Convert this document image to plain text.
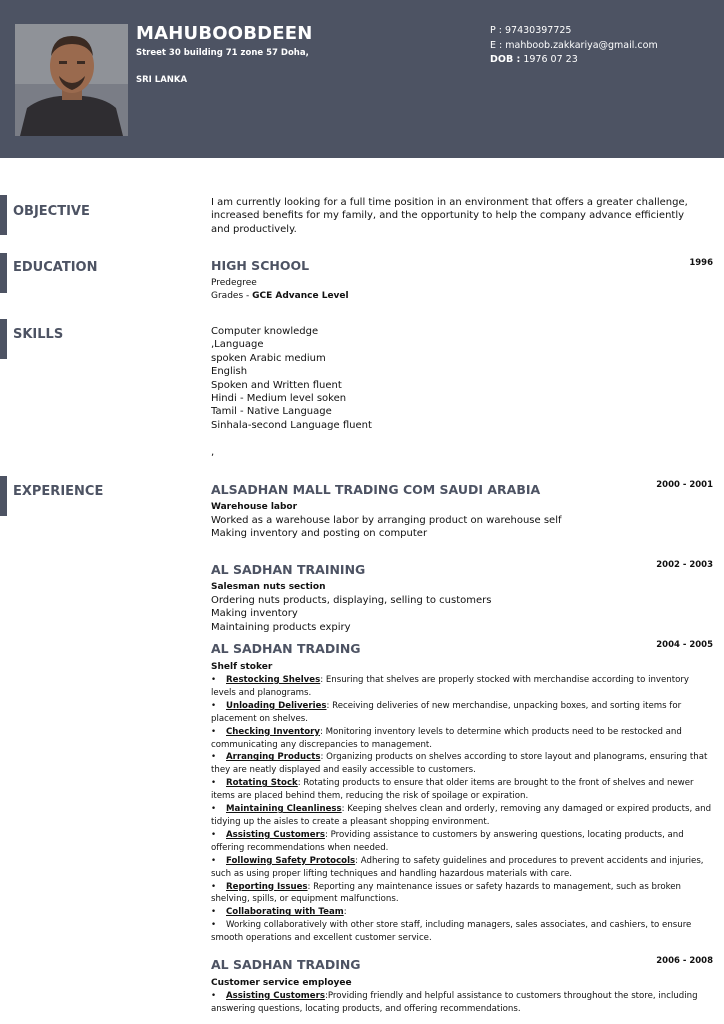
MAHUBOOBDEEN
Street 30 building 71 zone 57 Doha,
SRI LANKA
P : 97430397725
E : mahboob.zakkariya@gmail.com
DOB : 1976 07 23
OBJECTIVE
I am currently looking for a full time position in an environment that offers a greater challenge, increased benefits for my family, and the opportunity to help the company advance efficiently and productively.
EDUCATION	HIGH SCHOOL	1996
Predegree
Grades - GCE Advance Level
SKILLS	Computer knowledge
,Language
spoken Arabic medium
English
Spoken and Written fluent
Hindi - Medium level soken
Tamil - Native Language
Sinhala-second Language fluent
,
EXPERIENCE	ALSADHAN MALL TRADING COM SAUDI ARABIA	2000 - 2001
Warehouse labor
Worked as a warehouse labor by arranging product on warehouse self
Making inventory and posting on computer
AL SADHAN TRAINING	2002 - 2003
Salesman nuts section
Ordering nuts products, displaying, selling to customers
Making inventory
Maintaining products expiry
AL SADHAN TRADING	2004 - 2005
Shelf stoker
• Restocking Shelves: Ensuring that shelves are properly stocked with merchandise according to inventory levels and planograms.
• Unloading Deliveries: Receiving deliveries of new merchandise, unpacking boxes, and sorting items for placement on shelves.
• Checking Inventory: Monitoring inventory levels to determine which products need to be restocked and communicating any discrepancies to management.
• Arranging Products: Organizing products on shelves according to store layout and planograms, ensuring that they are neatly displayed and easily accessible to customers.
• Rotating Stock: Rotating products to ensure that older items are brought to the front of shelves and newer items are placed behind them, reducing the risk of spoilage or expiration.
• Maintaining Cleanliness: Keeping shelves clean and orderly, removing any damaged or expired products, and tidying up the aisles to create a pleasant shopping environment.
• Assisting Customers: Providing assistance to customers by answering questions, locating products, and offering recommendations when needed.
• Following Safety Protocols: Adhering to safety guidelines and procedures to prevent accidents and injuries, such as using proper lifting techniques and handling hazardous materials with care.
• Reporting Issues: Reporting any maintenance issues or safety hazards to management, such as broken shelving, spills, or equipment malfunctions.
• Collaborating with Team:
• Working collaboratively with other store staff, including managers, sales associates, and cashiers, to ensure smooth operations and excellent customer service.
AL SADHAN TRADING	2006 - 2008
Customer service employee
• Assisting Customers:Providing friendly and helpful assistance to customers throughout the store, including answering questions, locating products, and offering recommendations.
